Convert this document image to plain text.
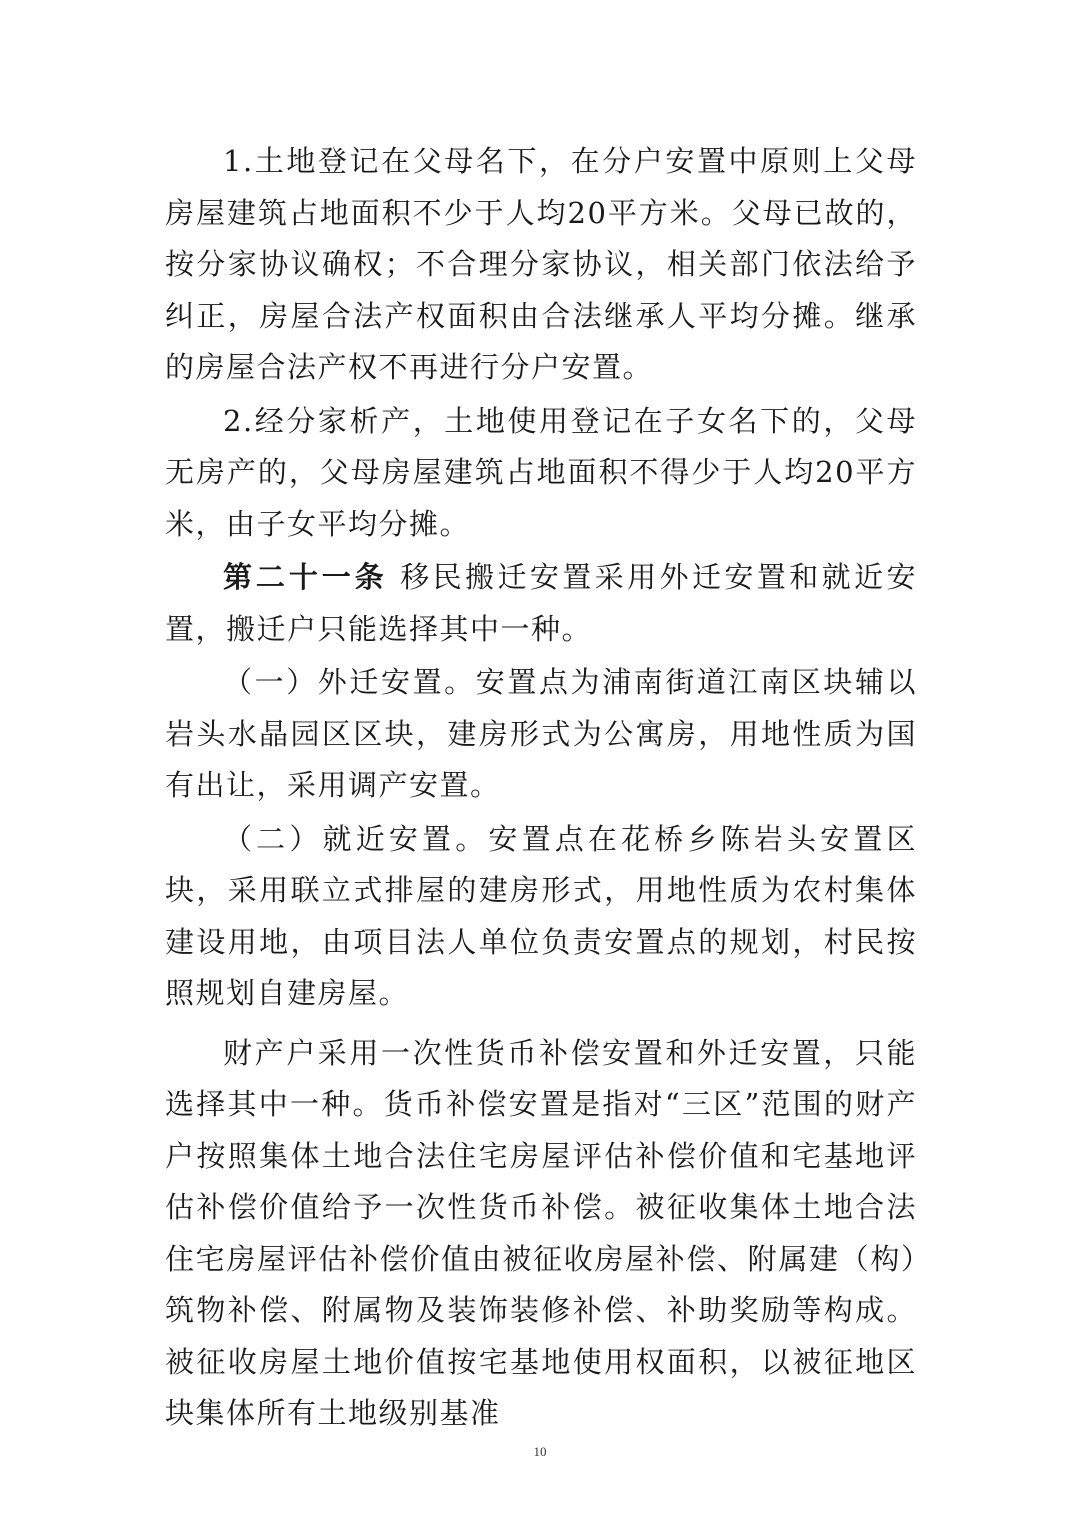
1.土地登记在父母名下，在分户安置中原则上父母房屋建筑占地面积不少于人均20平方米。父母已故的，按分家协议确权；不合理分家协议，相关部门依法给予纠正，房屋合法产权面积由合法继承人平均分摊。继承的房屋合法产权不再进行分户安置。

2.经分家析产，土地使用登记在子女名下的，父母无房产的，父母房屋建筑占地面积不得少于人均20平方米，由子女平均分摊。

第二十一条 移民搬迁安置采用外迁安置和就近安置，搬迁户只能选择其中一种。

（一）外迁安置。安置点为浦南街道江南区块辅以岩头水晶园区区块，建房形式为公寓房，用地性质为国有出让，采用调产安置。

（二）就近安置。安置点在花桥乡陈岩头安置区块，采用联立式排屋的建房形式，用地性质为农村集体建设用地，由项目法人单位负责安置点的规划，村民按照规划自建房屋。

财产户采用一次性货币补偿安置和外迁安置，只能选择其中一种。货币补偿安置是指对“三区”范围的财产户按照集体土地合法住宅房屋评估补偿价值和宅基地评估补偿价值给予一次性货币补偿。被征收集体土地合法住宅房屋评估补偿价值由被征收房屋补偿、附属建（构）筑物补偿、附属物及装饰装修补偿、补助奖励等构成。被征收房屋土地价值按宅基地使用权面积，以被征地区块集体所有土地级别基准

10
